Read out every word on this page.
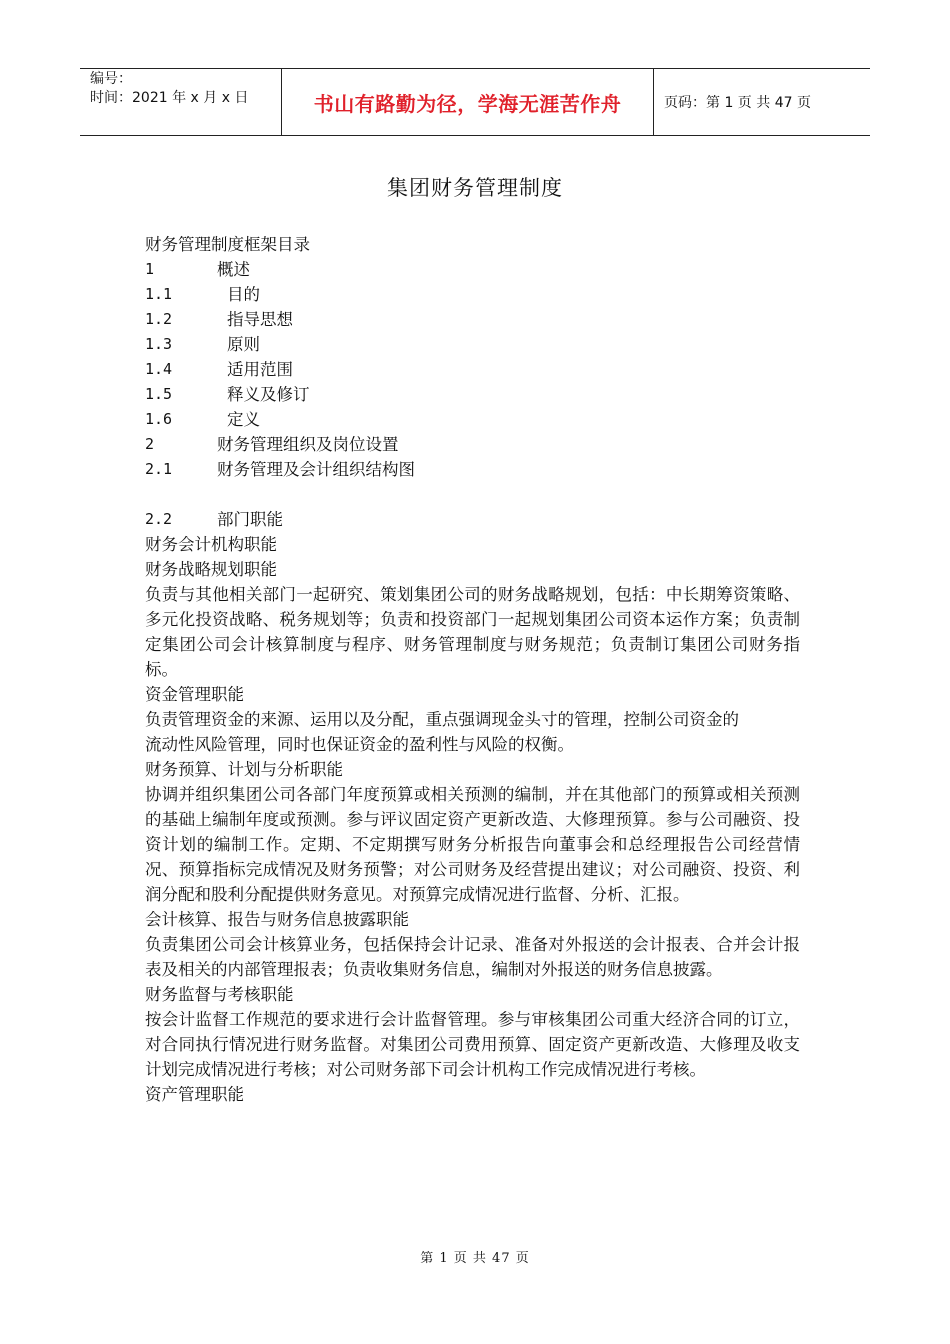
编号：
时间：2021 年 x 月 x 日	书山有路勤为径，学海无涯苦作舟	页码：第 1 页 共 47 页
集团财务管理制度

财务管理制度框架目录

1	概述
1.1	目的
1.2	指导思想
1.3	原则
1.4	适用范围
1.5	释义及修订
1.6	定义
2	财务管理组织及岗位设置
2.1	财务管理及会计组织结构图
2.2	部门职能

财务会计机构职能

财务战略规划职能

负责与其他相关部门一起研究、策划集团公司的财务战略规划，包括：中长期筹资策略、多元化投资战略、税务规划等；负责和投资部门一起规划集团公司资本运作方案；负责制定集团公司会计核算制度与程序、财务管理制度与财务规范；负责制订集团公司财务指标。

资金管理职能

负责管理资金的来源、运用以及分配，重点强调现金头寸的管理，控制公司资金的

流动性风险管理，同时也保证资金的盈利性与风险的权衡。

财务预算、计划与分析职能

协调并组织集团公司各部门年度预算或相关预测的编制，并在其他部门的预算或相关预测的基础上编制年度或预测。参与评议固定资产更新改造、大修理预算。参与公司融资、投资计划的编制工作。定期、不定期撰写财务分析报告向董事会和总经理报告公司经营情况、预算指标完成情况及财务预警；对公司财务及经营提出建议；对公司融资、投资、利润分配和股利分配提供财务意见。对预算完成情况进行监督、分析、汇报。

会计核算、报告与财务信息披露职能

负责集团公司会计核算业务，包括保持会计记录、准备对外报送的会计报表、合并会计报表及相关的内部管理报表；负责收集财务信息，编制对外报送的财务信息披露。

财务监督与考核职能

按会计监督工作规范的要求进行会计监督管理。参与审核集团公司重大经济合同的订立，对合同执行情况进行财务监督。对集团公司费用预算、固定资产更新改造、大修理及收支计划完成情况进行考核；对公司财务部下司会计机构工作完成情况进行考核。

资产管理职能

第 1 页 共 47 页
